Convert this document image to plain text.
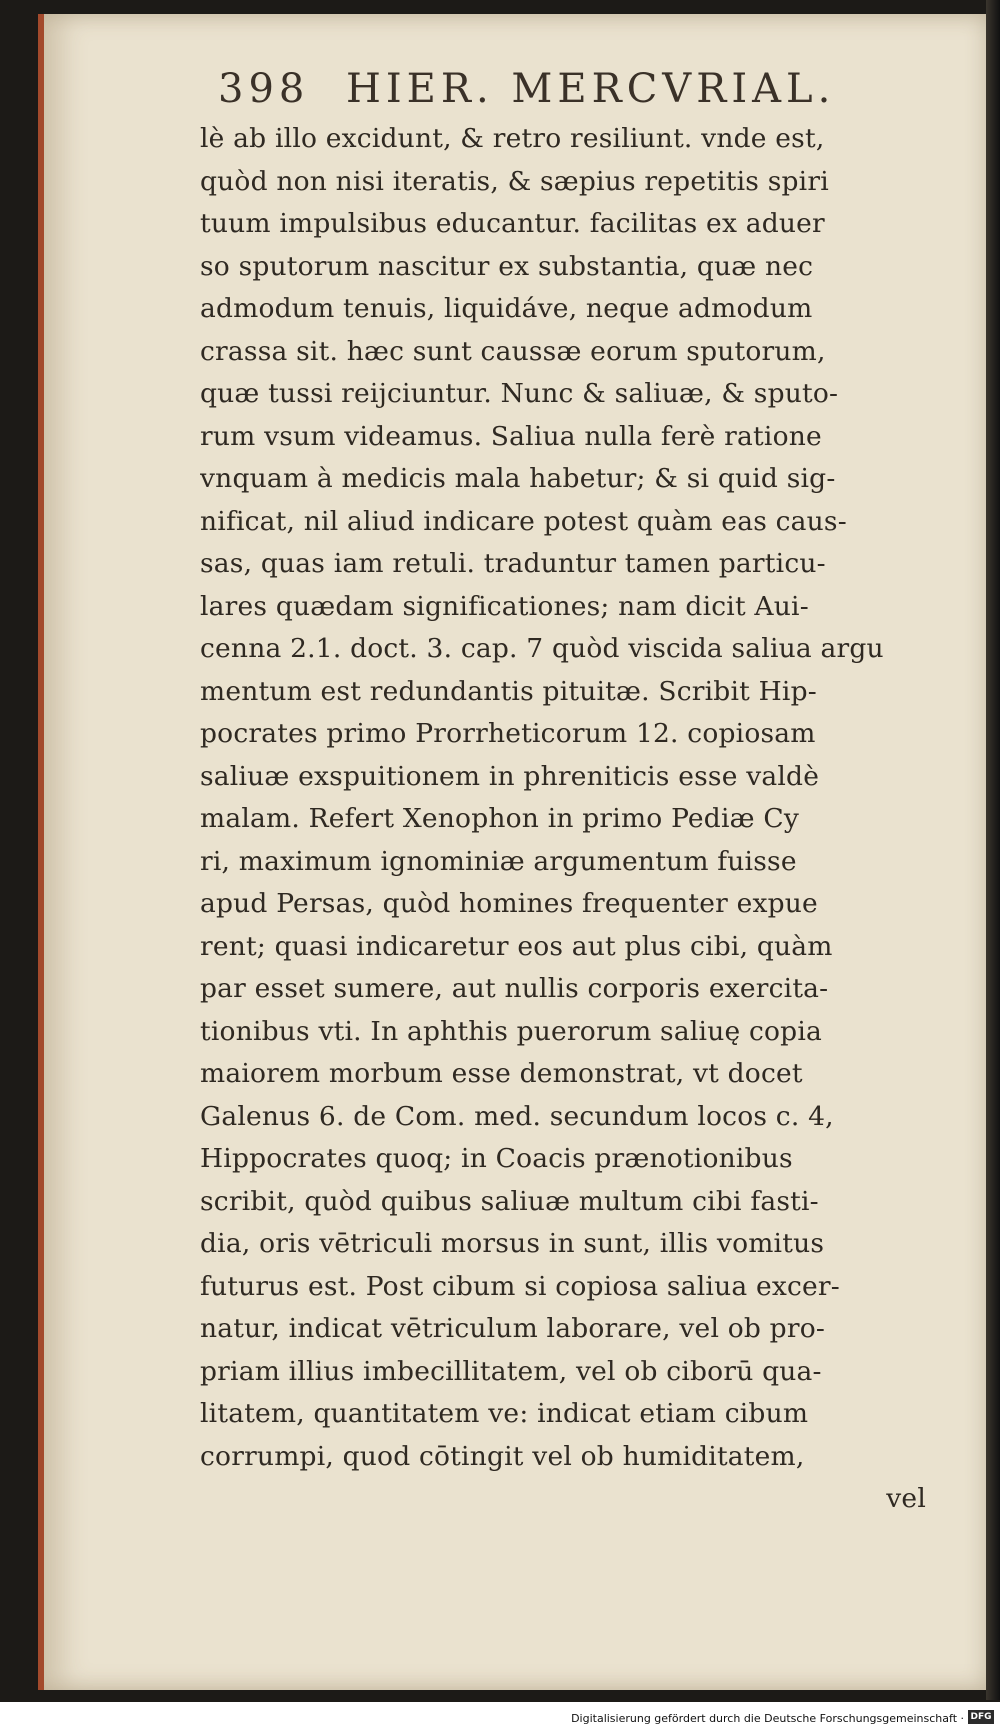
398 HIER. MERCVRIAL.
lè ab illo excidunt, & retro resiliunt. vnde est,
quòd non nisi iteratis, & sæpius repetitis spiri
tuum impulsibus educantur. facilitas ex aduer
so sputorum nascitur ex substantia, quæ nec
admodum tenuis, liquidáve, neque admodum
crassa sit. hæc sunt caussæ eorum sputorum,
quæ tussi reijciuntur. Nunc & saliuæ, & sputo-
rum vsum videamus. Saliua nulla ferè ratione
vnquam à medicis mala habetur; & si quid sig-
nificat, nil aliud indicare potest quàm eas caus-
sas, quas iam retuli. traduntur tamen particu-
lares quædam significationes; nam dicit Aui-
cenna 2.1. doct. 3. cap. 7 quòd viscida saliua argu
mentum est redundantis pituitæ. Scribit Hip-
pocrates primo Prorrheticorum 12. copiosam
saliuæ exspuitionem in phreniticis esse valdè
malam. Refert Xenophon in primo Pediæ Cy
ri, maximum ignominiæ argumentum fuisse
apud Persas, quòd homines frequenter expue
rent; quasi indicaretur eos aut plus cibi, quàm
par esset sumere, aut nullis corporis exercita-
tionibus vti. In aphthis puerorum saliuę copia
maiorem morbum esse demonstrat, vt docet
Galenus 6. de Com. med. secundum locos c. 4,
Hippocrates quoq; in Coacis prænotionibus
scribit, quòd quibus saliuæ multum cibi fasti-
dia, oris vētriculi morsus in sunt, illis vomitus
futurus est. Post cibum si copiosa saliua excer-
natur, indicat vētriculum laborare, vel ob pro-
priam illius imbecillitatem, vel ob ciborū qua-
litatem, quantitatem ve: indicat etiam cibum
corrumpi, quod cōtingit vel ob humiditatem,
vel
Digitalisierung gefördert durch die Deutsche Forschungsgemeinschaft · DFG
